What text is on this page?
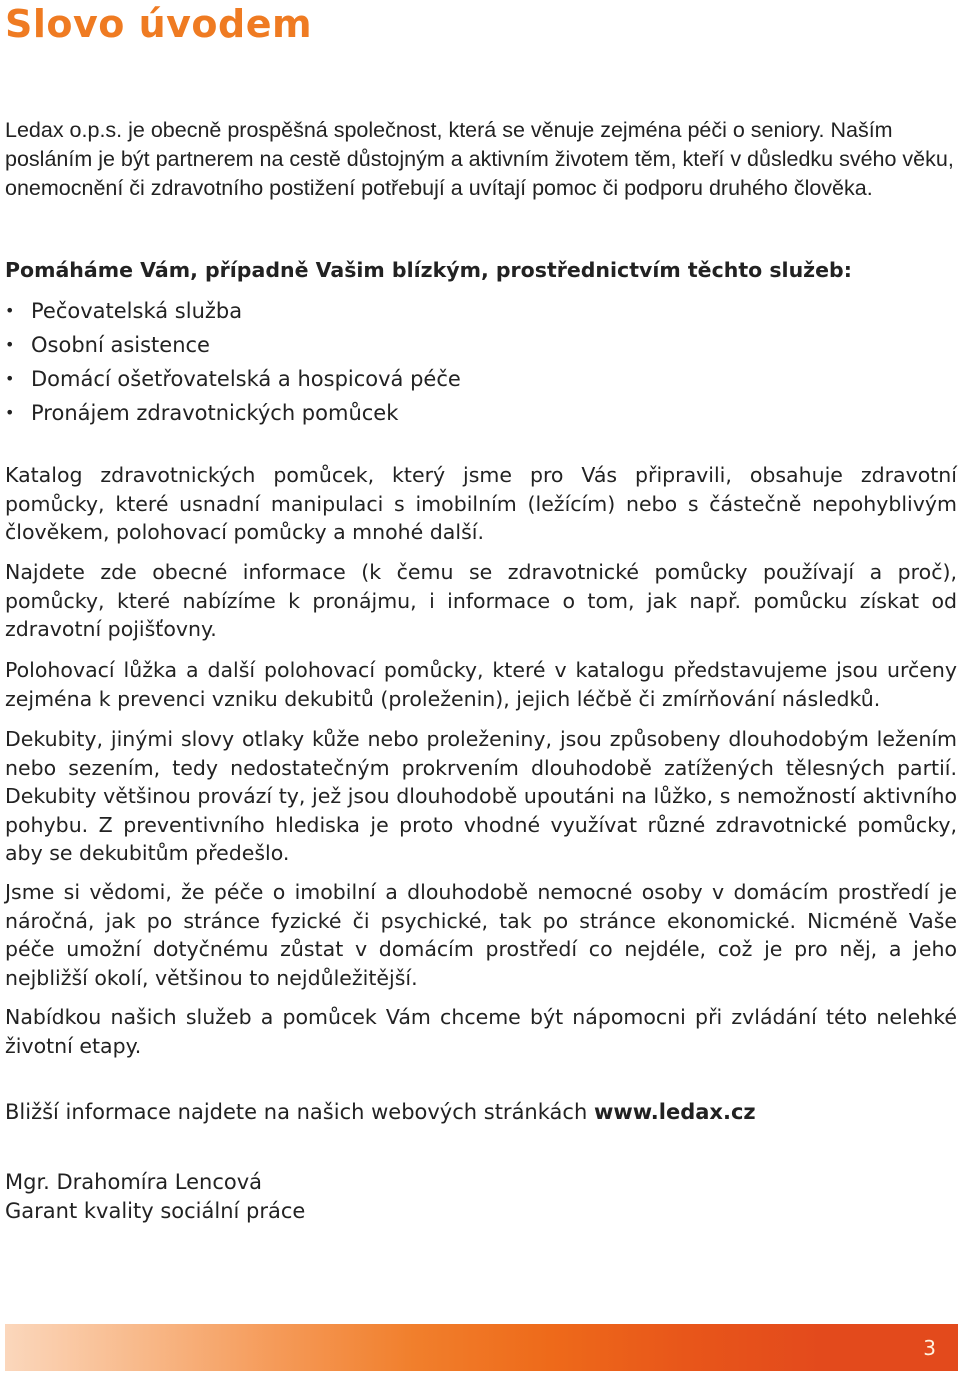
Slovo úvodem

Ledax o.p.s. je obecně prospěšná společnost, která se věnuje zejména péči o seniory. Naším posláním je být partnerem na cestě důstojným a aktivním životem těm, kteří v důsledku svého věku, onemocnění či zdravotního postižení potřebují a uvítají pomoc či podporu druhého člověka.

Pomáháme Vám, případně Vašim blízkým, prostřednictvím těchto služeb:

• Pečovatelská služba
• Osobní asistence
• Domácí ošetřovatelská a hospicová péče
• Pronájem zdravotnických pomůcek

Katalog zdravotnických pomůcek, který jsme pro Vás připravili, obsahuje zdravotní pomůcky, které usnadní manipulaci s imobilním (ležícím) nebo s částečně nepohyblivým člověkem, polohovací pomůcky a mnohé další.

Najdete zde obecné informace (k čemu se zdravotnické pomůcky používají a proč), pomůcky, které nabízíme k pronájmu, i informace o tom, jak např. pomůcku získat od zdravotní pojišťovny.

Polohovací lůžka a další polohovací pomůcky, které v katalogu představujeme jsou určeny zejména k prevenci vzniku dekubitů (proleženin), jejich léčbě či zmírňování následků.

Dekubity, jinými slovy otlaky kůže nebo proleženiny, jsou způsobeny dlouhodobým ležením nebo sezením, tedy nedostatečným prokrvením dlouhodobě zatížených tělesných partií. Dekubity většinou provází ty, jež jsou dlouhodobě upoutáni na lůžko, s nemožností aktivního pohybu. Z preventivního hlediska je proto vhodné využívat různé zdravotnické pomůcky, aby se dekubitům předešlo.

Jsme si vědomi, že péče o imobilní a dlouhodobě nemocné osoby v domácím prostředí je náročná, jak po stránce fyzické či psychické, tak po stránce ekonomické. Nicméně Vaše péče umožní dotyčnému zůstat v domácím prostředí co nejdéle, což je pro něj, a jeho nejbližší okolí, většinou to nejdůležitější.

Nabídkou našich služeb a pomůcek Vám chceme být nápomocni při zvládání této nelehké životní etapy.

Bližší informace najdete na našich webových stránkách www.ledax.cz

Mgr. Drahomíra Lencová
Garant kvality sociální práce

3
